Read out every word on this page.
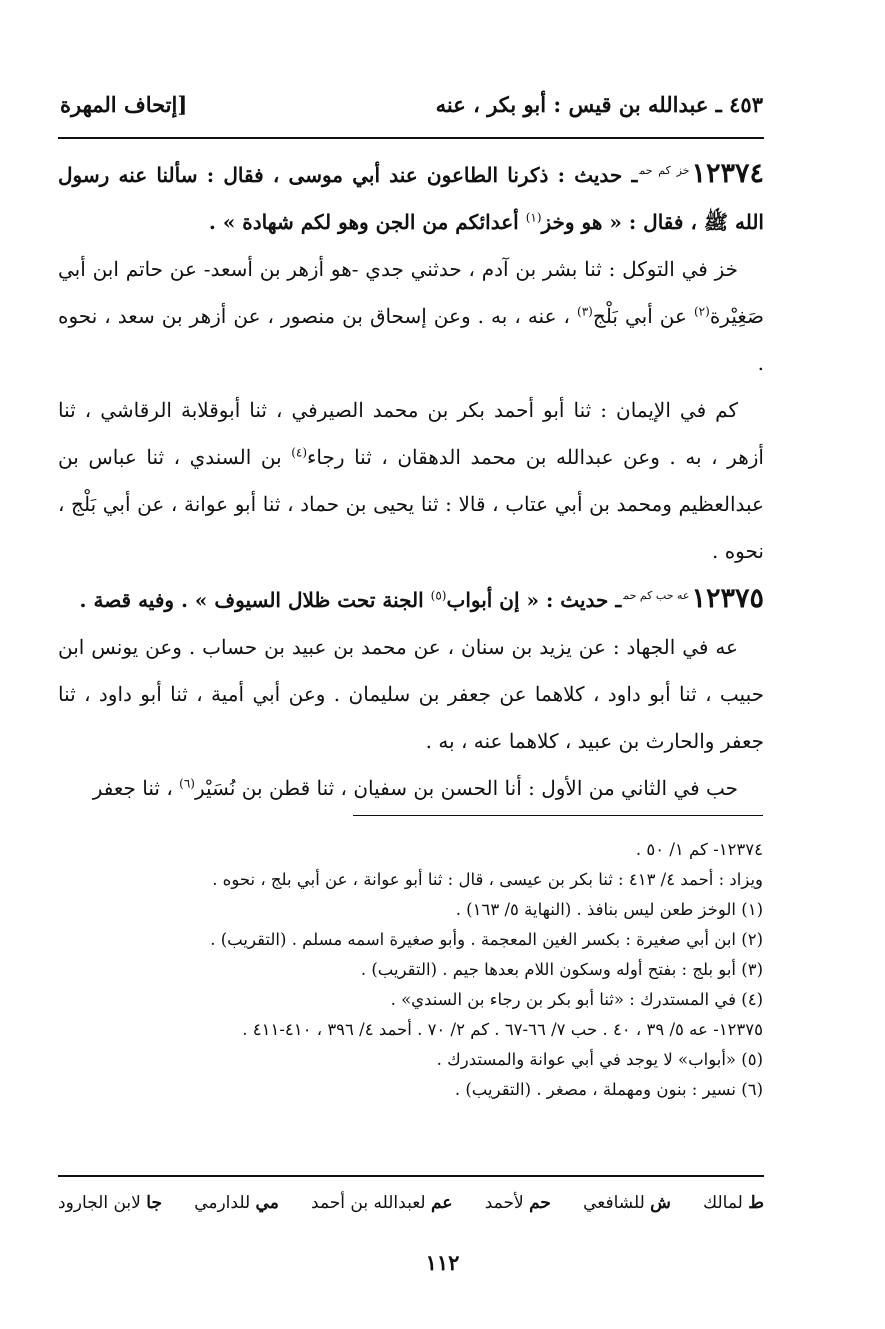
٤٥٣ ـ عبدالله بن قيس : أبو بكر ، عنه
[إتحاف المهرة

$١٢٣٧٤^{خز كم حم}ـ$ حديث : ذكرنا الطاعون عند أبي موسى ، فقال : سألنا عنه رسول الله ﷺ ، فقال : « هو وخز$^{(١)}$ أعدائكم من الجن وهو لكم شهادة » .

خز في التوكل : ثنا بشر بن آدم ، حدثني جدي -هو أزهر بن أسعد- عن حاتم ابن أبي صَغِيْرة$^{(٢)}$ عن أبي بَلْج$^{(٣)}$ ، عنه ، به . وعن إسحاق بن منصور ، عن أزهر بن سعد ، نحوه .

كم في الإيمان : ثنا أبو أحمد بكر بن محمد الصيرفي ، ثنا أبوقلابة الرقاشي ، ثنا أزهر ، به . وعن عبدالله بن محمد الدهقان ، ثنا رجاء$^{(٤)}$ بن السندي ، ثنا عباس بن عبدالعظيم ومحمد بن أبي عتاب ، قالا : ثنا يحيى بن حماد ، ثنا أبو عوانة ، عن أبي بَلْج ، نحوه .

$١٢٣٧٥^{عه حب كم حم}ـ$ حديث : « إن أبواب$^{(٥)}$ الجنة تحت ظلال السيوف » . وفيه قصة .

عه في الجهاد : عن يزيد بن سنان ، عن محمد بن عبيد بن حساب . وعن يونس ابن حبيب ، ثنا أبو داود ، كلاهما عن جعفر بن سليمان . وعن أبي أمية ، ثنا أبو داود ، ثنا جعفر والحارث بن عبيد ، كلاهما عنه ، به .

حب في الثاني من الأول : أنا الحسن بن سفيان ، ثنا قطن بن نُسَيْر$^{(٦)}$ ، ثنا جعفر

١٢٣٧٤- كم ١/ ٥٠ .
ويزاد : أحمد ٤/ ٤١٣ : ثنا بكر بن عيسى ، قال : ثنا أبو عوانة ، عن أبي بلج ، نحوه .
(١) الوخز طعن ليس بنافذ . (النهاية ٥/ ١٦٣) .
(٢) ابن أبي صغيرة : بكسر الغين المعجمة . وأبو صغيرة اسمه مسلم . (التقريب) .
(٣) أبو بلج : بفتح أوله وسكون اللام بعدها جيم . (التقريب) .
(٤) في المستدرك : «ثنا أبو بكر بن رجاء بن السندي» .
١٢٣٧٥- عه ٥/ ٣٩ ، ٤٠ . حب ٧/ ٦٦-٦٧ . كم ٢/ ٧٠ . أحمد ٤/ ٣٩٦ ، ٤١٠-٤١١ .
(٥) «أبواب» لا يوجد في أبي عوانة والمستدرك .
(٦) نسير : بنون ومهملة ، مصغر . (التقريب) .
ط لمالك
ش للشافعي
حم لأحمد
عم لعبدالله بن أحمد
مي للدارمي
جا لابن الجارود
١١٢
